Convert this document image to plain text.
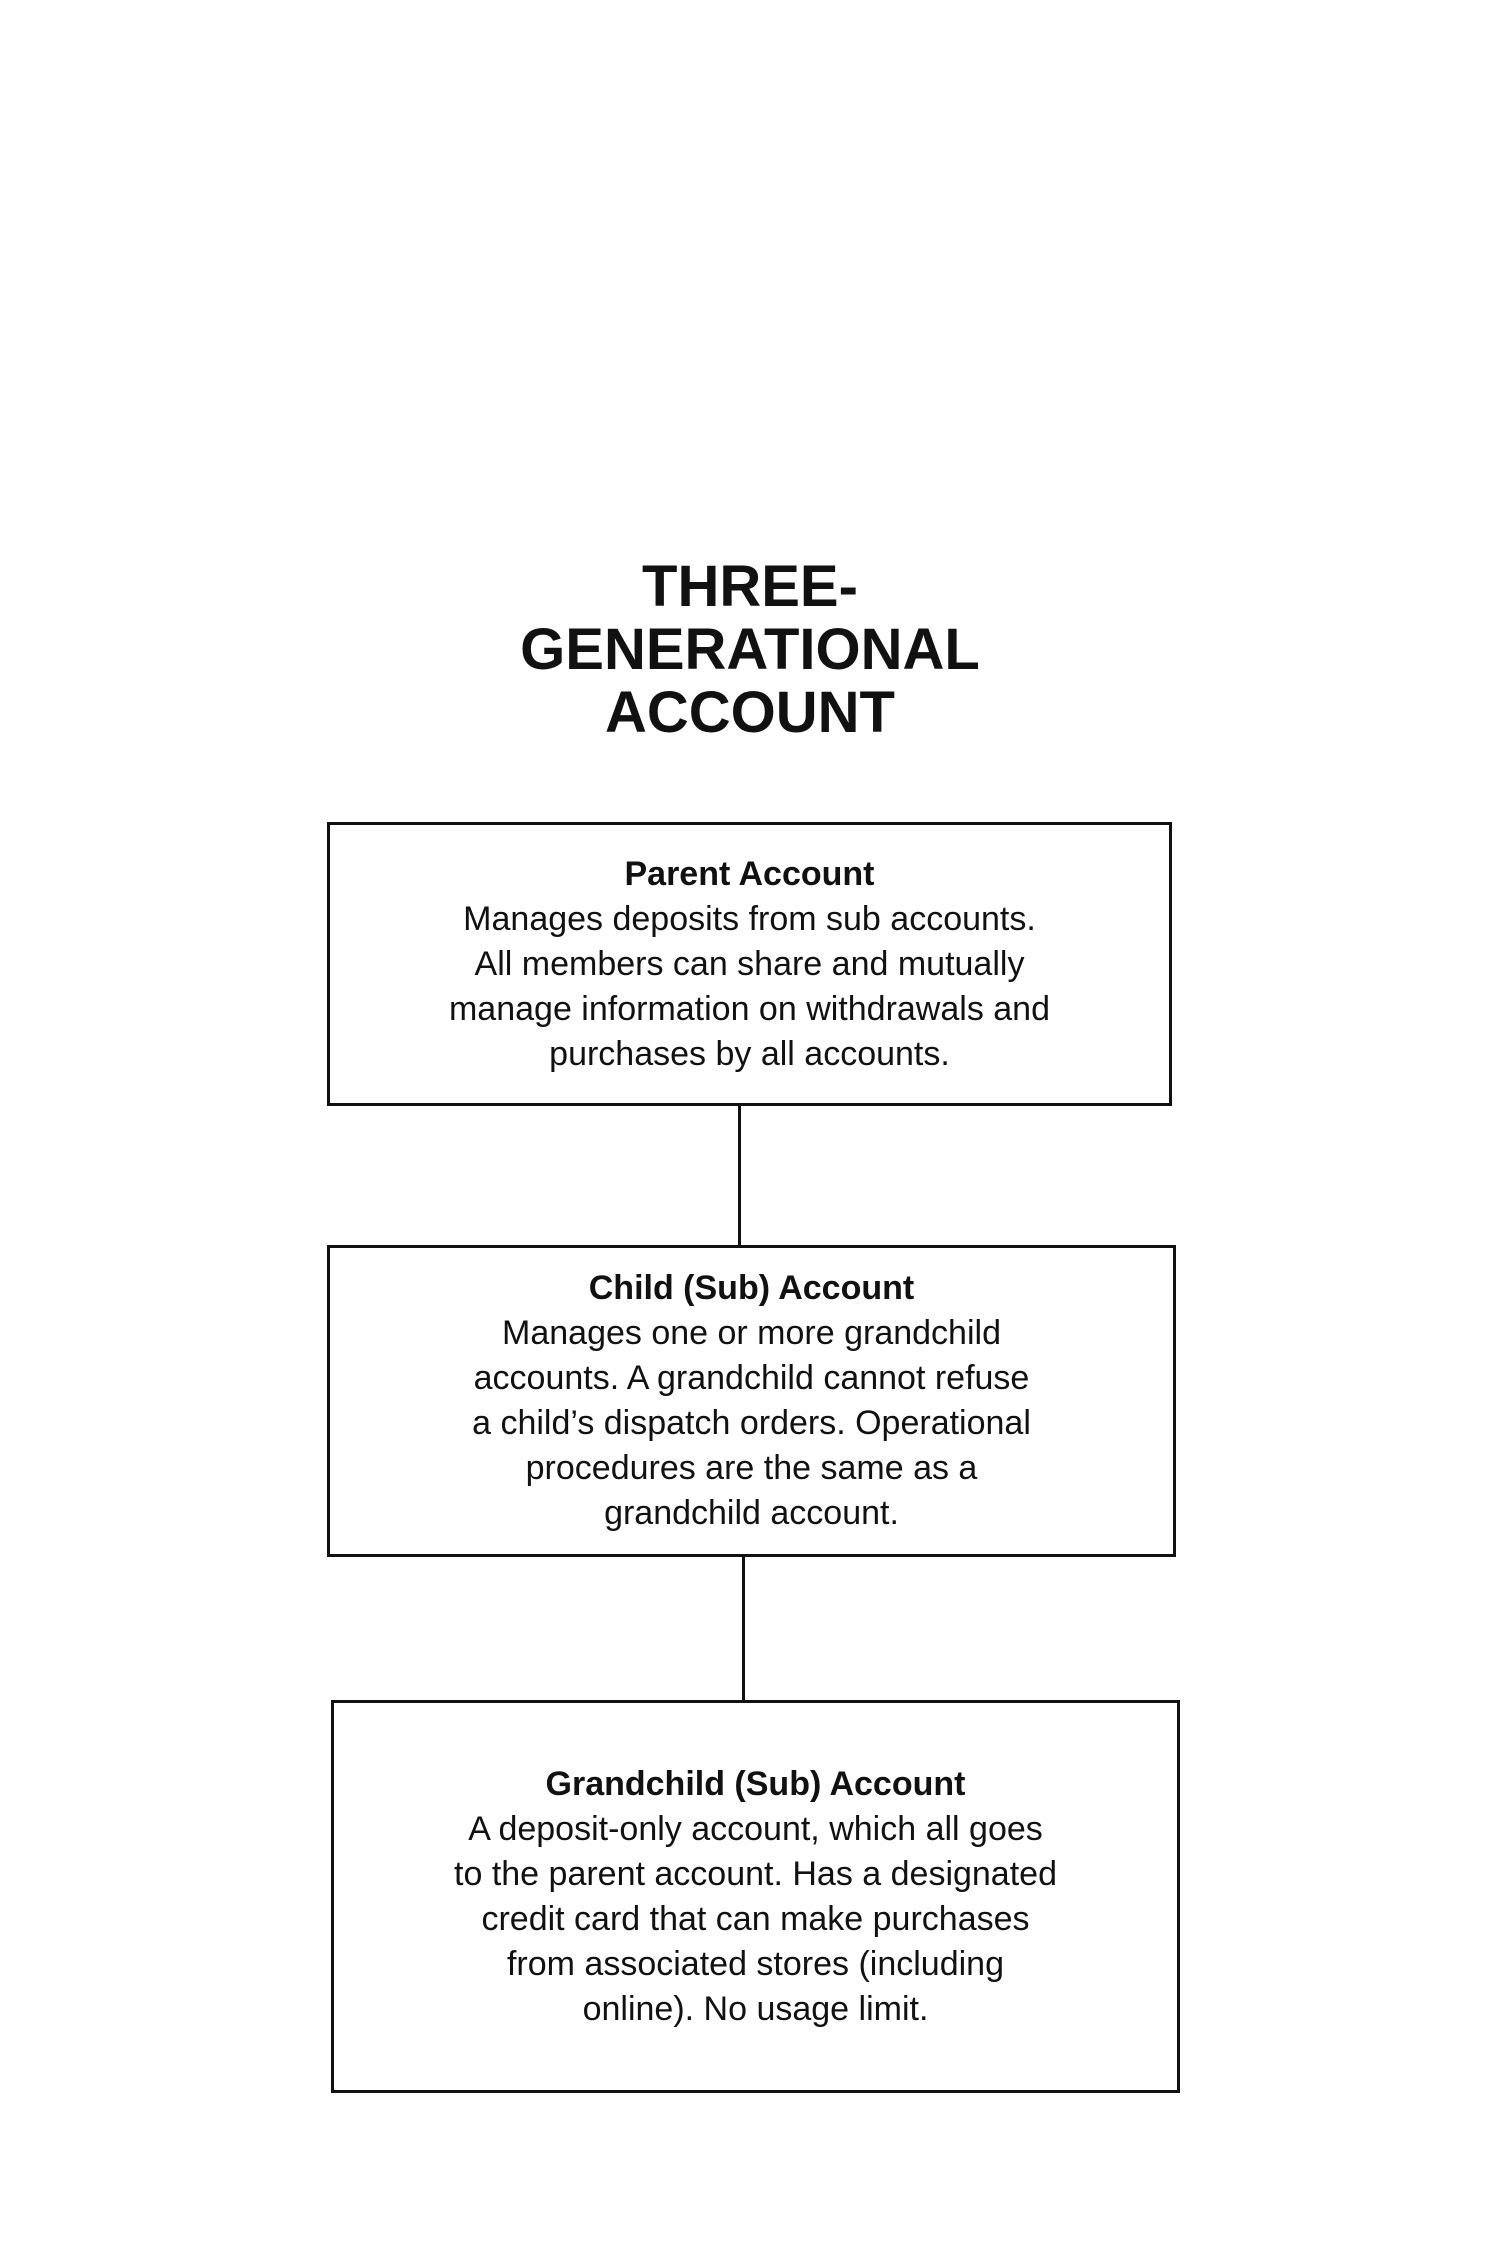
THREE-
GENERATIONAL
ACCOUNT
Parent Account
Manages deposits from sub accounts.
All members can share and mutually
manage information on withdrawals and
purchases by all accounts.
Child (Sub) Account
Manages one or more grandchild
accounts. A grandchild cannot refuse
a child’s dispatch orders. Operational
procedures are the same as a
grandchild account.
Grandchild (Sub) Account
A deposit-only account, which all goes
to the parent account. Has a designated
credit card that can make purchases
from associated stores (including
online). No usage limit.
